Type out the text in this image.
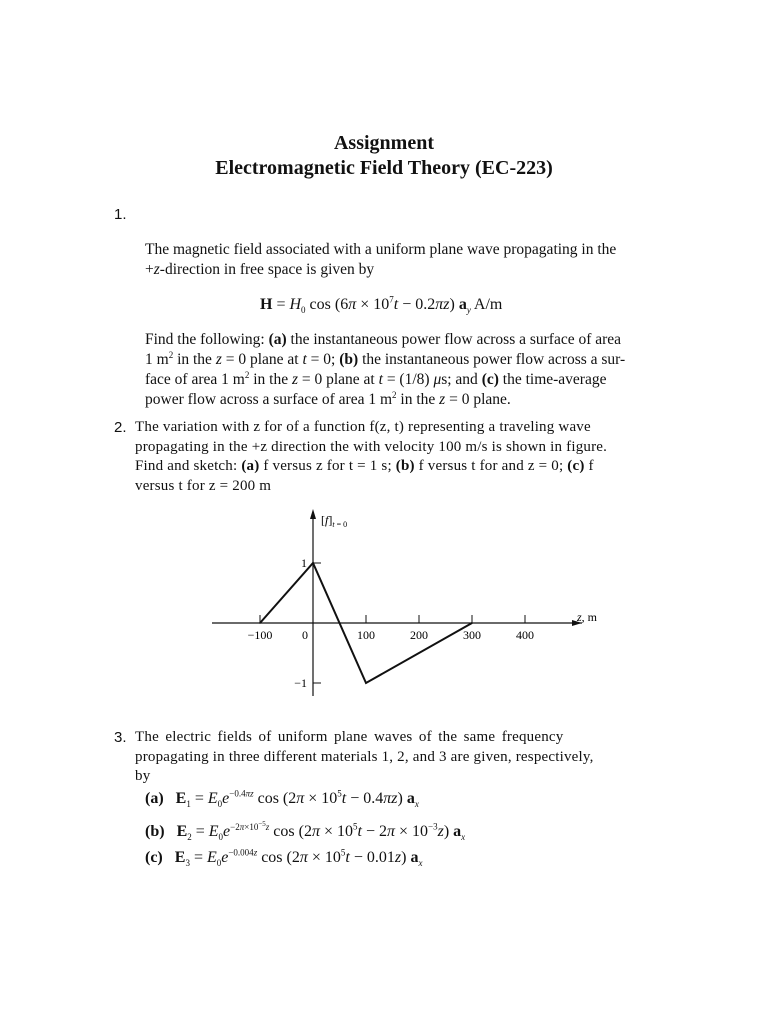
Assignment
Electromagnetic Field Theory (EC-223)
1.
The magnetic field associated with a uniform plane wave propagating in the
+z-direction in free space is given by
$H = H_0$ $\cos (6\pi \times 10^7t - 0.2\pi z)$ $a_y$ A/m
Find the following: (a) the instantaneous power flow across a surface of area
1 $m^2$ in the z = 0 plane at t = 0; (b) the instantaneous power flow across a sur-
face of area 1 $m^2$ in the z = 0 plane at t = (1/8) μs; and (c) the time-average
power flow across a surface of area 1 $m^2$ in the z = 0 plane.
2. The variation with z for of a function f(z, t) representing a traveling wave
propagating in the +z direction the with velocity 100 m/s is shown in figure.
Find and sketch: (a) f versus z for t = 1 s; (b) f versus t for and z = 0; (c) f
versus t for z = 200 m
−100 0	100	200	300	400
1
−1
$[f]_{t = 0}$
z, m
3. The electric fields of uniform plane waves of the same frequency
propagating in three different materials 1, 2, and 3 are given, respectively,
by
(a) $E_1 = E_0e^{-0.4\pi z}$ $\cos (2\pi \times 10^5t - 0.4\pi z)$ $a_x$
(b) $E_2 = E_0e^{-2\pi\times 10^{-5}z}$ $\cos (2\pi \times 10^5t - 2\pi \times 10^{-3}z)$ $a_x$
(c) $E_3 = E_0e^{-0.004z}$ $\cos (2\pi \times 10^5t - 0.01z)$ $a_x$
